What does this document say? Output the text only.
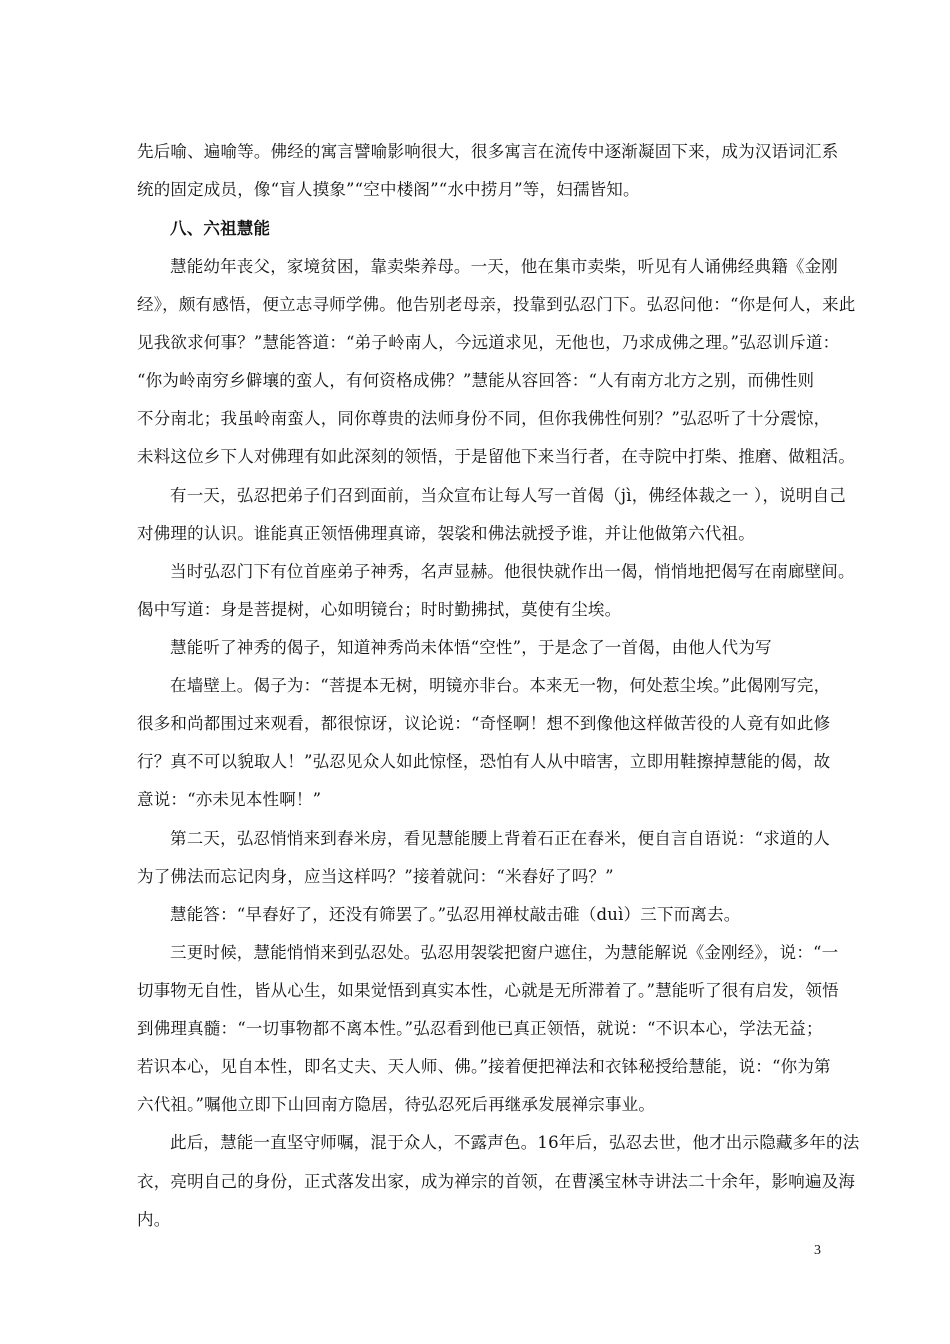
先后喻、遍喻等。佛经的寓言譬喻影响很大，很多寓言在流传中逐渐凝固下来，成为汉语词汇系
统的固定成员，像“盲人摸象”“空中楼阁”“水中捞月”等，妇孺皆知。
八、六祖慧能
慧能幼年丧父，家境贫困，靠卖柴养母。一天，他在集市卖柴，听见有人诵佛经典籍《金刚
经》，颇有感悟，便立志寻师学佛。他告别老母亲，投靠到弘忍门下。弘忍问他：“你是何人，来此
见我欲求何事？”慧能答道：“弟子岭南人，今远道求见，无他也，乃求成佛之理。”弘忍训斥道：
“你为岭南穷乡僻壤的蛮人，有何资格成佛？”慧能从容回答：“人有南方北方之别，而佛性则
不分南北；我虽岭南蛮人，同你尊贵的法师身份不同，但你我佛性何别？”弘忍听了十分震惊，
未料这位乡下人对佛理有如此深刻的领悟，于是留他下来当行者，在寺院中打柴、推磨、做粗活。
有一天，弘忍把弟子们召到面前，当众宣布让每人写一首偈（jì，佛经体裁之一 ），说明自己
对佛理的认识。谁能真正领悟佛理真谛，袈裟和佛法就授予谁，并让他做第六代祖。
当时弘忍门下有位首座弟子神秀，名声显赫。他很快就作出一偈，悄悄地把偈写在南廊壁间。
偈中写道：身是菩提树，心如明镜台；时时勤拂拭，莫使有尘埃。
慧能听了神秀的偈子，知道神秀尚未体悟“空性”，于是念了一首偈，由他人代为写
在墙壁上。偈子为：“菩提本无树，明镜亦非台。本来无一物，何处惹尘埃。”此偈刚写完，
很多和尚都围过来观看，都很惊讶，议论说：“奇怪啊！想不到像他这样做苦役的人竟有如此修
行？真不可以貌取人！”弘忍见众人如此惊怪，恐怕有人从中暗害，立即用鞋擦掉慧能的偈，故
意说：“亦未见本性啊！”
第二天，弘忍悄悄来到舂米房，看见慧能腰上背着石正在舂米，便自言自语说：“求道的人
为了佛法而忘记肉身，应当这样吗？”接着就问：“米舂好了吗？”
慧能答：“早舂好了，还没有筛罢了。”弘忍用禅杖敲击碓（duì）三下而离去。
三更时候，慧能悄悄来到弘忍处。弘忍用袈裟把窗户遮住，为慧能解说《金刚经》，说：“一
切事物无自性，皆从心生，如果觉悟到真实本性，心就是无所滞着了。”慧能听了很有启发，领悟
到佛理真髓：“一切事物都不离本性。”弘忍看到他已真正领悟，就说：“不识本心，学法无益；
若识本心，见自本性，即名丈夫、天人师、佛。”接着便把禅法和衣钵秘授给慧能，说：“你为第
六代祖。”嘱他立即下山回南方隐居，待弘忍死后再继承发展禅宗事业。
此后，慧能一直坚守师嘱，混于众人，不露声色。16年后，弘忍去世，他才出示隐藏多年的法
衣，亮明自己的身份，正式落发出家，成为禅宗的首领，在曹溪宝林寺讲法二十余年，影响遍及海
内。
3
